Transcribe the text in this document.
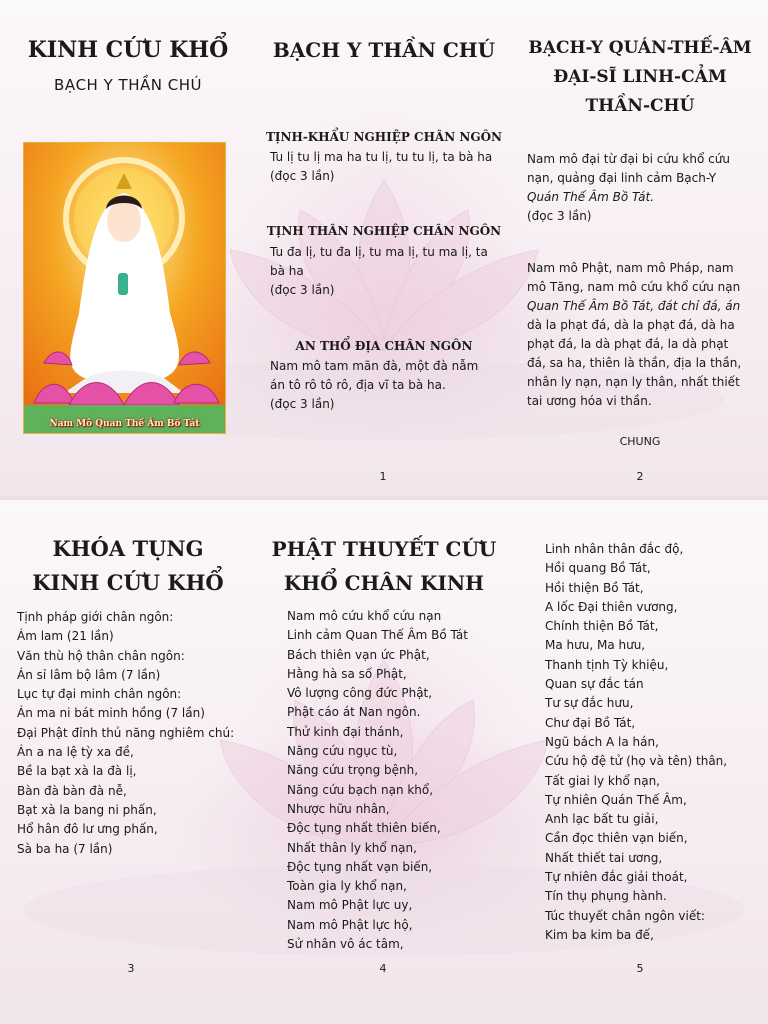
KINH CỨU KHỔ
BẠCH Y THẦN CHÚ
Nam Mô Quan Thế Âm Bồ Tát
BẠCH Y THẦN CHÚ
TỊNH-KHẨU NGHIỆP CHÂN NGÔN
Tu lị tu lị ma ha tu lị, tu tu lị, ta bà ha
(đọc 3 lần)
TỊNH THÂN NGHIỆP CHÂN NGÔN
Tu đa lị, tu đa lị, tu ma lị, tu ma lị, ta
bà ha
(đọc 3 lần)
AN THỔ ĐỊA CHÂN NGÔN
Nam mô tam mãn đà, một đà nẫm
án tô rô tô rô, địa vĩ ta bà ha.
(đọc 3 lần)
1
BẠCH-Y QUÁN-THẾ-ÂM
ĐẠI-SĨ LINH-CẢM
THẦN-CHÚ
Nam mô đại từ đại bi cứu khổ cứu
nạn, quảng đại linh cảm Bạch-Y
Quán Thế Âm Bồ Tát.
(đọc 3 lần)
Nam mô Phật, nam mô Pháp, nam
mô Tăng, nam mô cứu khổ cứu nạn
Quan Thế Âm Bồ Tát, đát chỉ đá, án
dà la phạt đá, dà la phạt đá, dà ha
phạt đá, la dà phạt đá, la dà phạt
đá, sa ha, thiên là thần, địa la thần,
nhân ly nạn, nạn ly thân, nhất thiết
tai ương hóa vi thần.
CHUNG
2
KHÓA TỤNG
KINH CỨU KHỔ
Tịnh pháp giới chân ngôn:
Ám lam (21 lần)
Văn thù hộ thân chân ngôn:
Án sỉ lâm bộ lâm (7 lần)
Lục tự đại minh chân ngôn:
Án ma ni bát minh hồng (7 lần)
Đại Phật đỉnh thủ năng nghiêm chú:
Án a na lệ tỳ xa đề,
Bề la bạt xà la đà lị,
Bàn đà bàn đà nễ,
Bạt xà la bang ni phấn,
Hổ hân đô lư ưng phấn,
Sà ba ha (7 lần)
3
PHẬT THUYẾT CỨU
KHỔ CHÂN KINH
Nam mô cứu khổ cứu nạn
Linh cảm Quan Thế Âm Bồ Tát
Bách thiên vạn ức Phật,
Hằng hà sa số Phật,
Vô lượng công đức Phật,
Phật cáo át Nan ngôn.
Thử kinh đại thánh,
Năng cứu ngục tù,
Năng cứu trọng bệnh,
Năng cứu bạch nạn khổ,
Nhược hữu nhân,
Độc tụng nhất thiên biến,
Nhất thân ly khổ nạn,
Độc tụng nhất vạn biến,
Toàn gia ly khổ nạn,
Nam mô Phật lực uy,
Nam mô Phật lực hộ,
Sử nhân vô ác tâm,
4
Linh nhân thân đắc độ,
Hồi quang Bồ Tát,
Hồi thiện Bồ Tát,
A lốc Đại thiên vương,
Chính thiện Bồ Tát,
Ma hưu, Ma hưu,
Thanh tịnh Tỳ khiệu,
Quan sự đắc tán
Tư sự đắc hưu,
Chư đại Bồ Tát,
Ngũ bách A la hán,
Cứu hộ đệ tử (họ và tên) thân,
Tất giai ly khổ nạn,
Tự nhiên Quán Thế Âm,
Anh lạc bất tu giải,
Cần đọc thiên vạn biến,
Nhất thiết tai ương,
Tự nhiên đắc giải thoát,
Tín thụ phụng hành.
Túc thuyết chân ngôn viết:
Kim ba kim ba đế,
5
